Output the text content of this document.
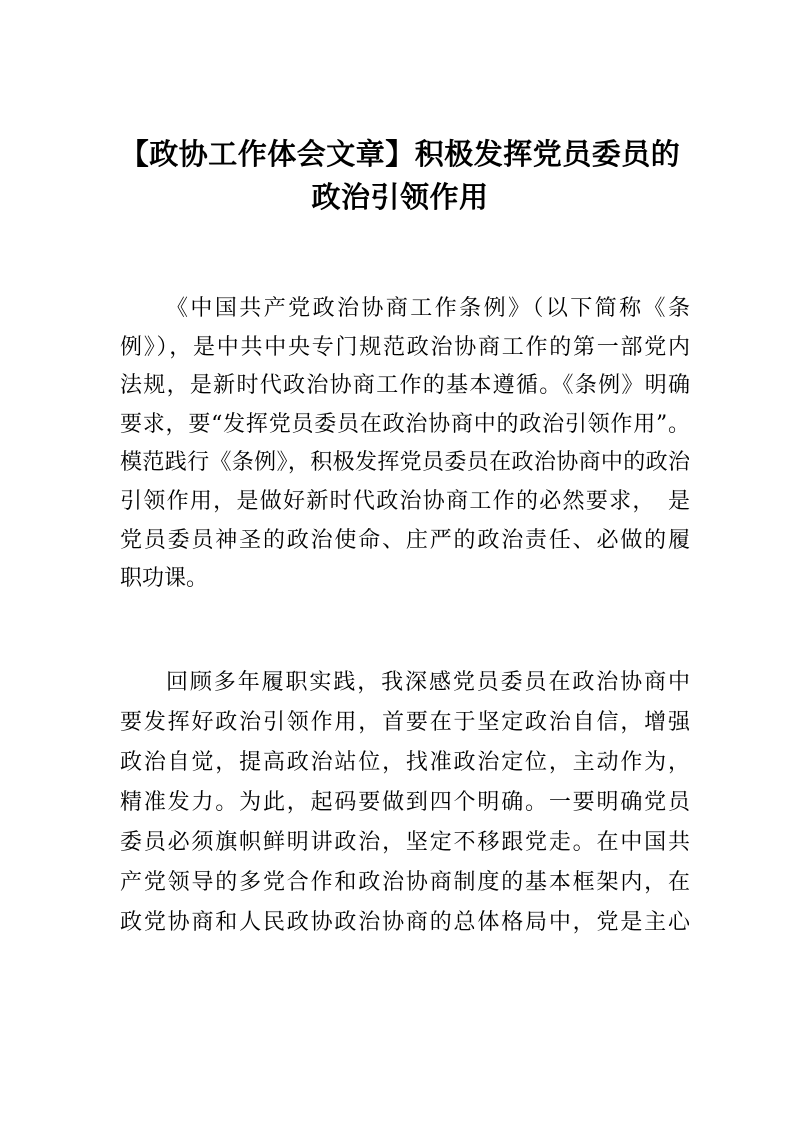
【政协工作体会文章】积极发挥党员委员的
政治引领作用
《中国共产党政治协商工作条例》（以下简称《条
例》），是中共中央专门规范政治协商工作的第一部党内
法规，是新时代政治协商工作的基本遵循。《条例》明确
要求，要“发挥党员委员在政治协商中的政治引领作用”。
模范践行《条例》，积极发挥党员委员在政治协商中的政治
引领作用，是做好新时代政治协商工作的必然要求，　是
党员委员神圣的政治使命、庄严的政治责任、必做的履
职功课。
回顾多年履职实践，我深感党员委员在政治协商中
要发挥好政治引领作用，首要在于坚定政治自信，增强
政治自觉，提高政治站位，找准政治定位，主动作为，
精准发力。为此，起码要做到四个明确。一要明确党员
委员必须旗帜鲜明讲政治，坚定不移跟党走。在中国共
产党领导的多党合作和政治协商制度的基本框架内，在
政党协商和人民政协政治协商的总体格局中，党是主心
